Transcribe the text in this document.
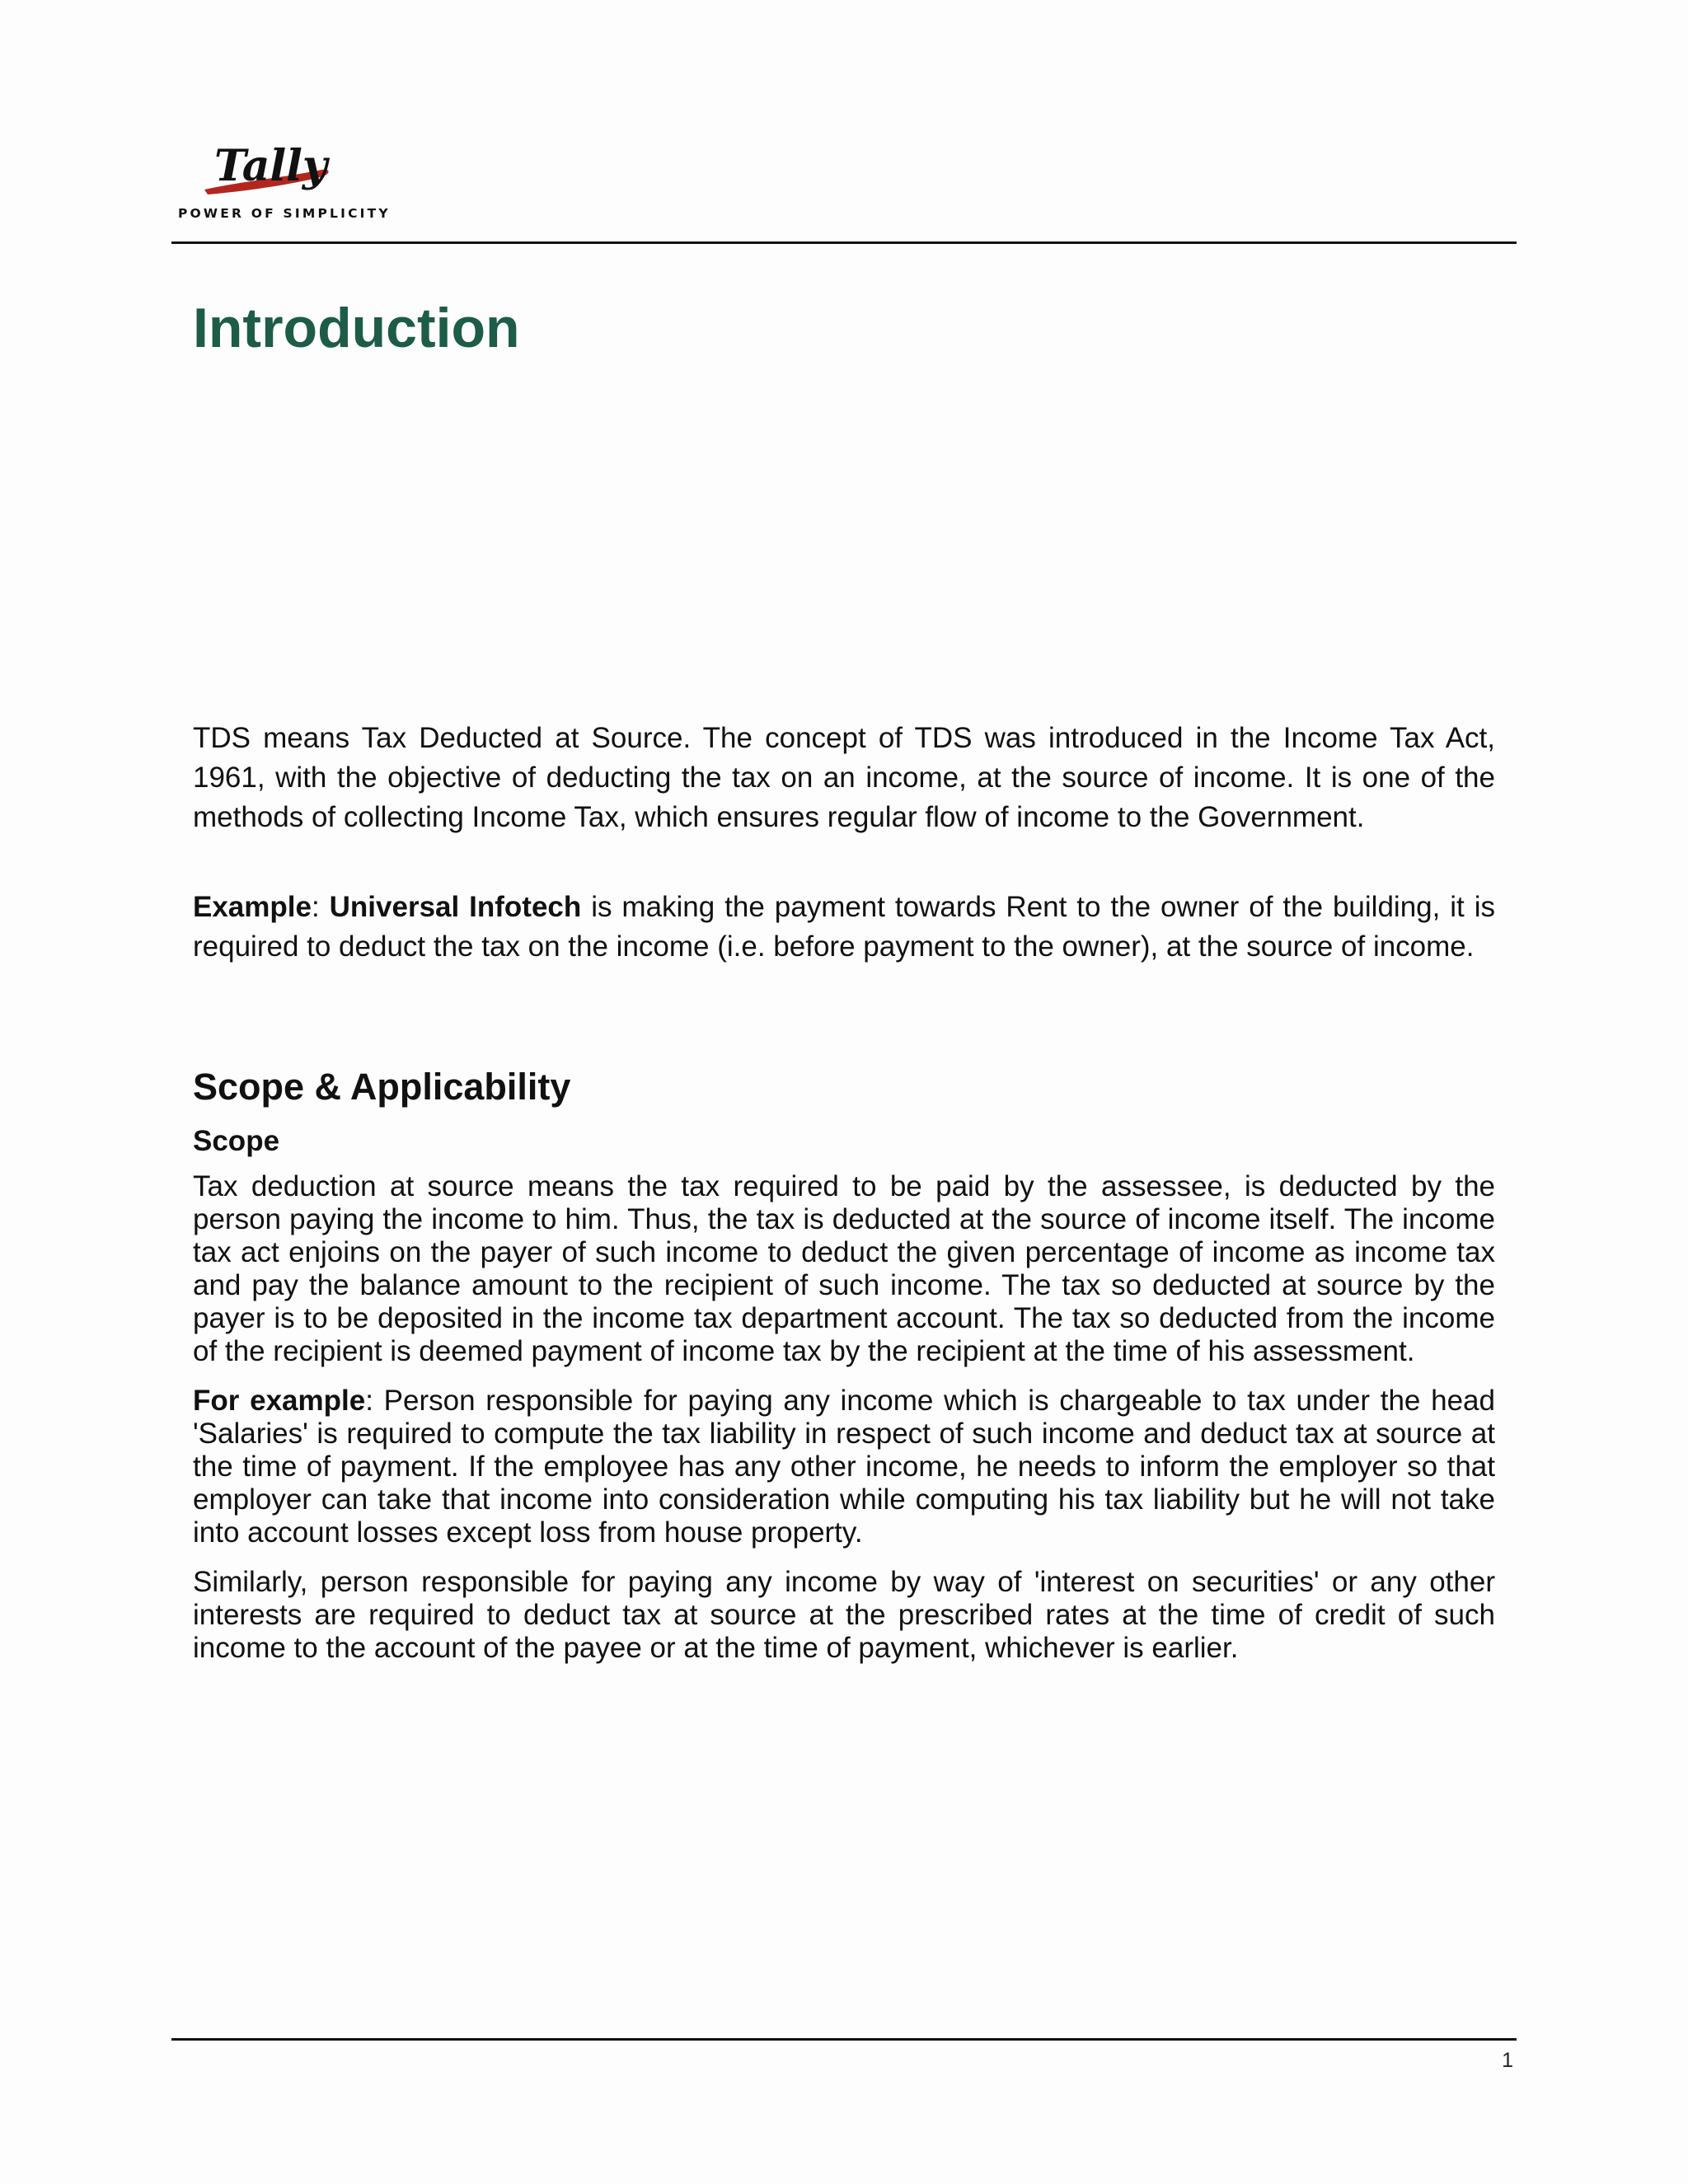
Tally
POWER OF SIMPLICITY
Introduction

TDS means Tax Deducted at Source. The concept of TDS was introduced in the Income Tax Act, 1961, with the objective of deducting the tax on an income, at the source of income. It is one of the methods of collecting Income Tax, which ensures regular flow of income to the Government.

Example: Universal Infotech is making the payment towards Rent to the owner of the building, it is required to deduct the tax on the income (i.e. before payment to the owner), at the source of income.

Scope & Applicability
Scope

Tax deduction at source means the tax required to be paid by the assessee, is deducted by the person paying the income to him. Thus, the tax is deducted at the source of income itself. The income tax act enjoins on the payer of such income to deduct the given percentage of income as income tax and pay the balance amount to the recipient of such income. The tax so deducted at source by the payer is to be deposited in the income tax department account. The tax so deducted from the income of the recipient is deemed payment of income tax by the recipient at the time of his assessment.

For example: Person responsible for paying any income which is chargeable to tax under the head 'Salaries' is required to compute the tax liability in respect of such income and deduct tax at source at the time of payment. If the employee has any other income, he needs to inform the employer so that employer can take that income into consideration while computing his tax liability but he will not take into account losses except loss from house property.

Similarly, person responsible for paying any income by way of 'interest on securities' or any other interests are required to deduct tax at source at the prescribed rates at the time of credit of such income to the account of the payee or at the time of payment, whichever is earlier.

1
